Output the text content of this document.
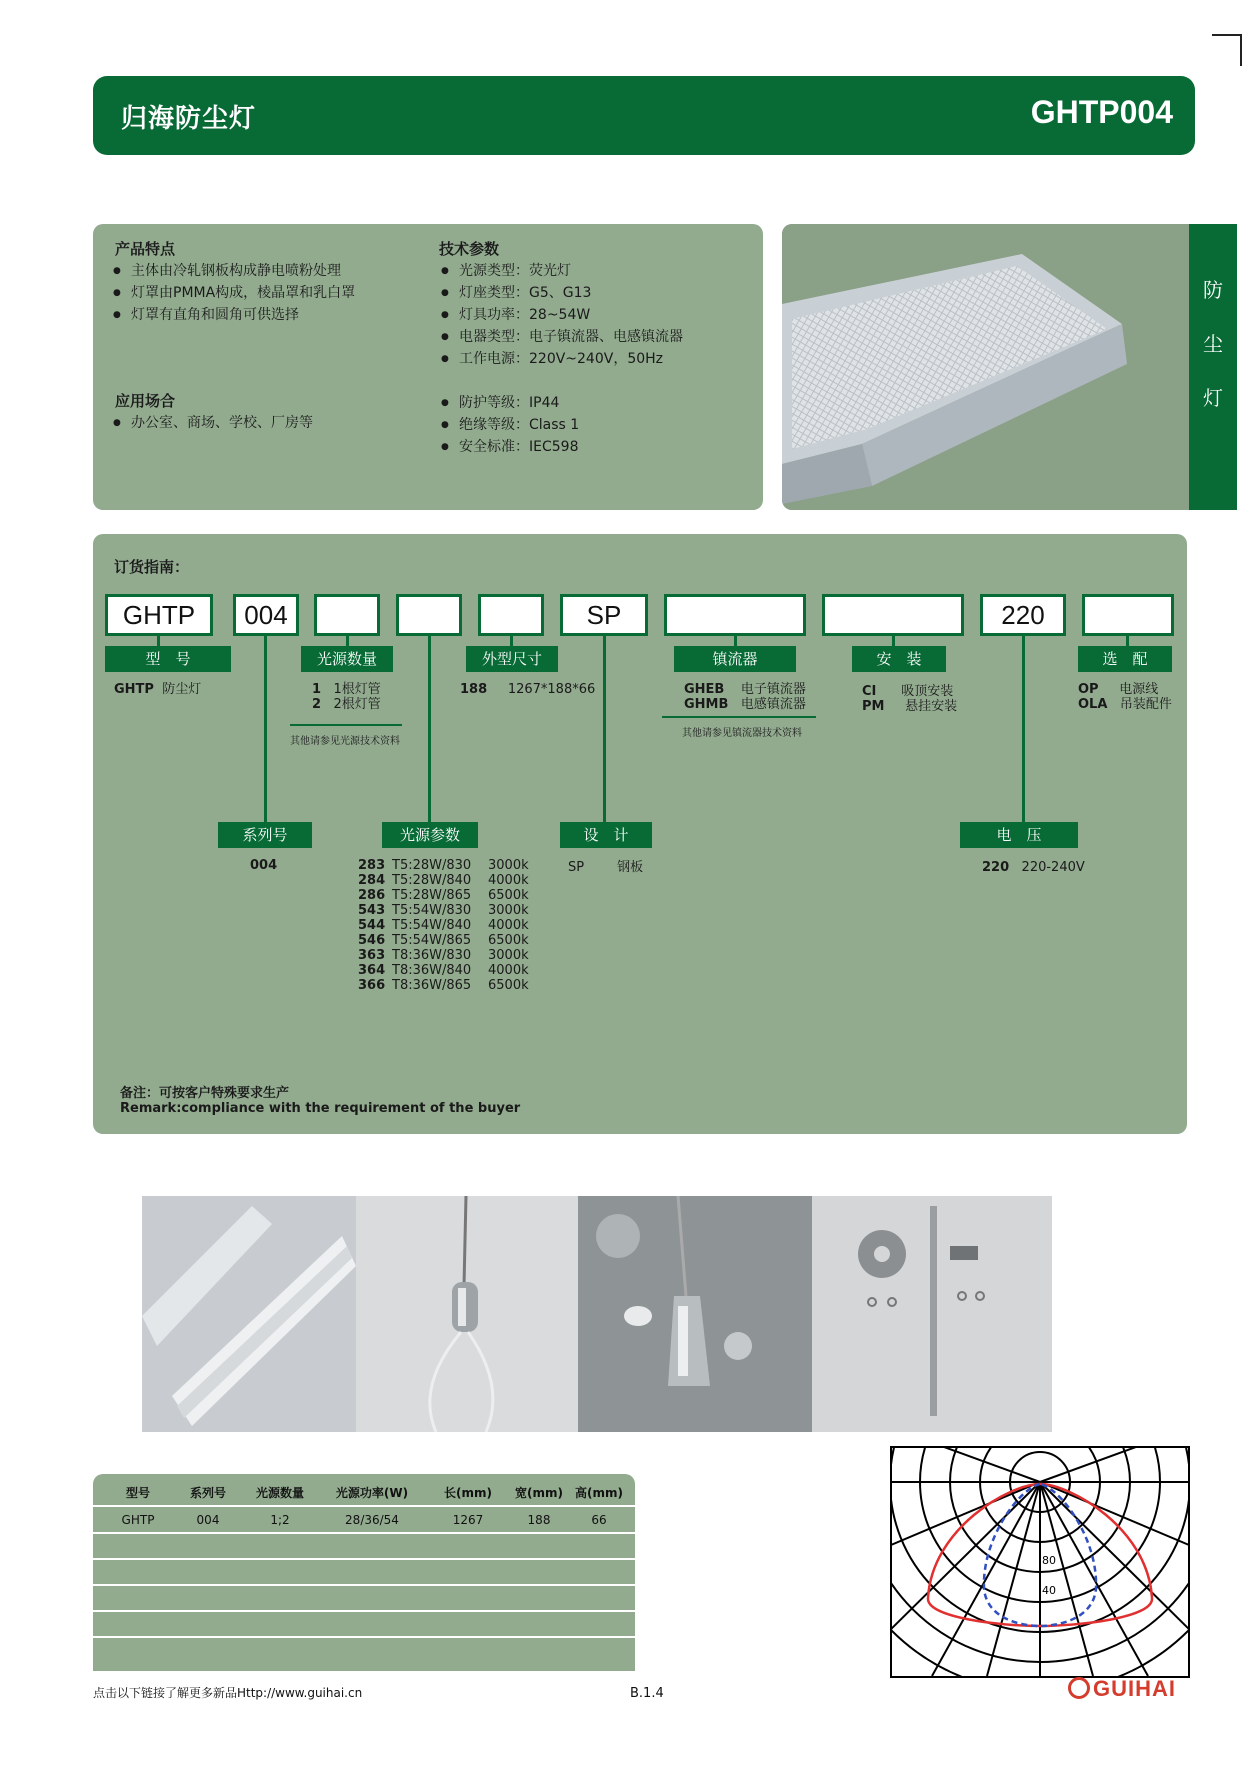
归海防尘灯	GHTP004
产品特点
● 主体由冷轧钢板构成静电喷粉处理
● 灯罩由PMMA构成，棱晶罩和乳白罩
● 灯罩有直角和圆角可供选择
应用场合
● 办公室、商场、学校、厂房等
技术参数
● 光源类型：荧光灯
● 灯座类型：G5、G13
● 灯具功率：28~54W
● 电器类型：电子镇流器、电感镇流器
● 工作电源：220V~240V，50Hz
● 防护等级：IP44
● 绝缘等级：Class 1
● 安全标准：IEC598
防
尘
灯
订货指南：
GHTP	004	SP	220
型　号	光源数量	外型尺寸	镇流器	安　装	选　配
GHTP 防尘灯	1 1根灯管
2 2根灯管
其他请参见光源技术资料
188 1267*188*66	GHEB 电子镇流器
GHMB 电感镇流器
其他请参见镇流器技术资料
CI 吸顶安装
PM 悬挂安装
OP 电源线
OLA 吊装配件
系列号	光源参数	设　计	电　压
004	283 T5:28W/830 3000k
284 T5:28W/840 4000k
286 T5:28W/865 6500k
543 T5:54W/830 3000k
544 T5:54W/840 4000k
546 T5:54W/865 6500k
363 T8:36W/830 3000k
364 T8:36W/840 4000k
366 T8:36W/865 6500k
SP	钢板	220 220-240V
备注：可按客户特殊要求生产
Remark:compliance with the requirement of the buyer
型号	系列号	光源数量	光源功率(W)	长(mm)	宽(mm)	高(mm)
GHTP	004	1;2	28/36/54	1267	188	66
40
80
点击以下链接了解更多新品Http://www.guihai.cn	B.1.4	GUIHAI
